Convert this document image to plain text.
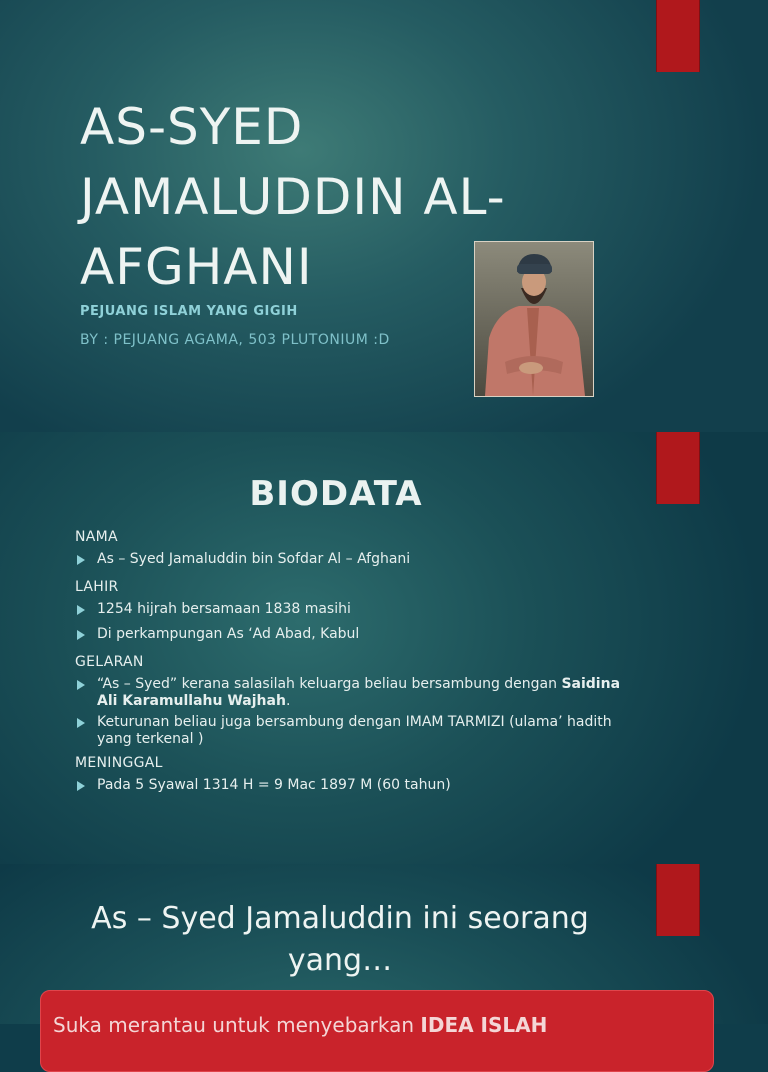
AS-SYED
JAMALUDDIN AL-
AFGHANI

PEJUANG ISLAM YANG GIGIH

BY : PEJUANG AGAMA, 503 PLUTONIUM :D

BIODATA

NAMA

As – Syed Jamaluddin bin Sofdar Al – Afghani

LAHIR

1254 hijrah bersamaan 1838 masihi
Di perkampungan As ‘Ad Abad, Kabul

GELARAN

“As – Syed” kerana salasilah keluarga beliau bersambung dengan Saidina Ali Karamullahu Wajhah.
Keturunan beliau juga bersambung dengan IMAM TARMIZI (ulama’ hadith yang terkenal )

MENINGGAL

Pada 5 Syawal 1314 H = 9 Mac 1897 M (60 tahun)
As – Syed Jamaluddin ini seorang
yang…

Suka merantau untuk menyebarkan IDEA ISLAH
